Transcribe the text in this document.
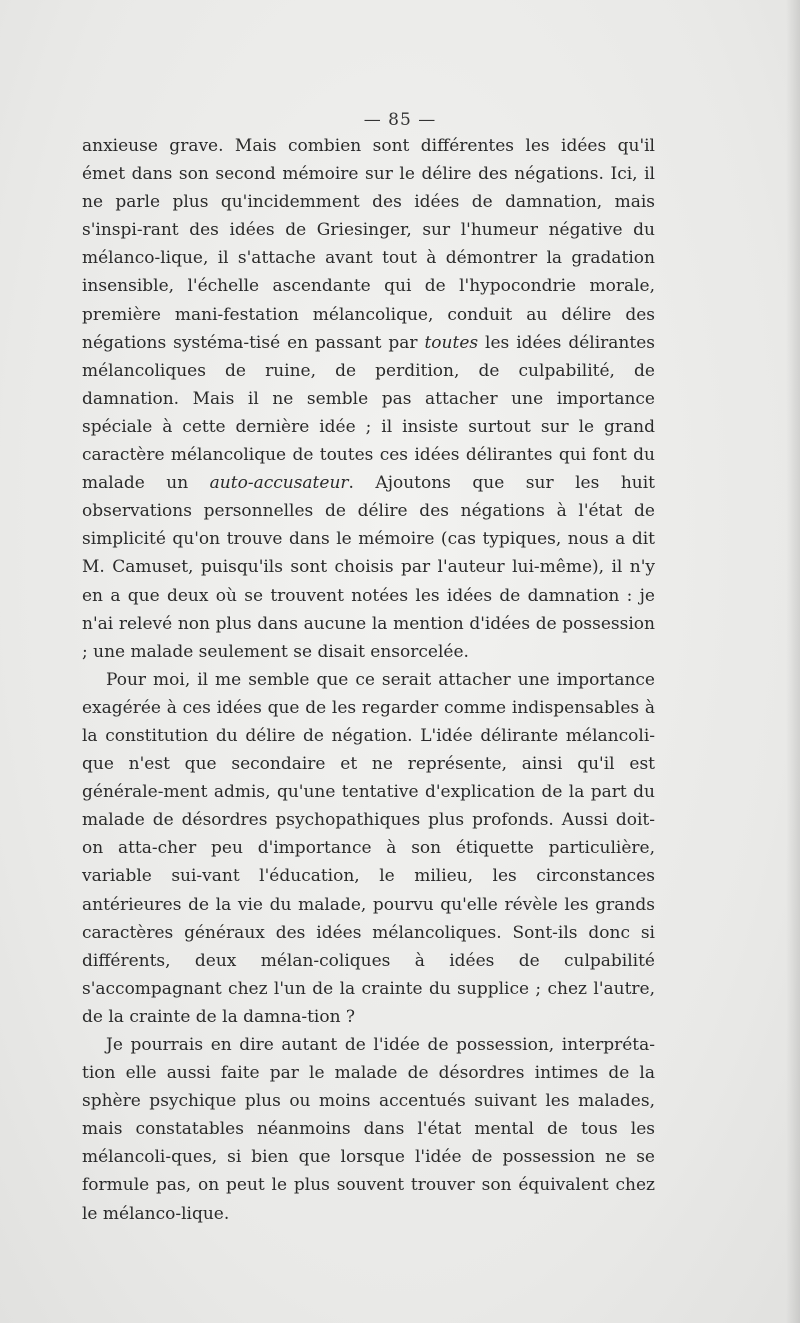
— 85 —

anxieuse grave. Mais combien sont différentes les idées qu'il émet dans son second mémoire sur le délire des négations. Ici, il ne parle plus qu'incidemment des idées de damnation, mais s'inspi-rant des idées de Griesinger, sur l'humeur négative du mélanco-lique, il s'attache avant tout à démontrer la gradation insensible, l'échelle ascendante qui de l'hypocondrie morale, première mani-festation mélancolique, conduit au délire des négations systéma-tisé en passant par toutes les idées délirantes mélancoliques de ruine, de perdition, de culpabilité, de damnation. Mais il ne semble pas attacher une importance spéciale à cette dernière idée ; il insiste surtout sur le grand caractère mélancolique de toutes ces idées délirantes qui font du malade un auto-accusateur. Ajoutons que sur les huit observations personnelles de délire des négations à l'état de simplicité qu'on trouve dans le mémoire (cas typiques, nous a dit M. Camuset, puisqu'ils sont choisis par l'auteur lui-même), il n'y en a que deux où se trouvent notées les idées de damnation : je n'ai relevé non plus dans aucune la mention d'idées de possession ; une malade seulement se disait ensorcelée.

Pour moi, il me semble que ce serait attacher une importance exagérée à ces idées que de les regarder comme indispensables à la constitution du délire de négation. L'idée délirante mélancoli-que n'est que secondaire et ne représente, ainsi qu'il est générale-ment admis, qu'une tentative d'explication de la part du malade de désordres psychopathiques plus profonds. Aussi doit-on atta-cher peu d'importance à son étiquette particulière, variable sui-vant l'éducation, le milieu, les circonstances antérieures de la vie du malade, pourvu qu'elle révèle les grands caractères généraux des idées mélancoliques. Sont-ils donc si différents, deux mélan-coliques à idées de culpabilité s'accompagnant chez l'un de la crainte du supplice ; chez l'autre, de la crainte de la damna-tion ?

Je pourrais en dire autant de l'idée de possession, interpréta-tion elle aussi faite par le malade de désordres intimes de la sphère psychique plus ou moins accentués suivant les malades, mais constatables néanmoins dans l'état mental de tous les mélancoli-ques, si bien que lorsque l'idée de possession ne se formule pas, on peut le plus souvent trouver son équivalent chez le mélanco-lique.
